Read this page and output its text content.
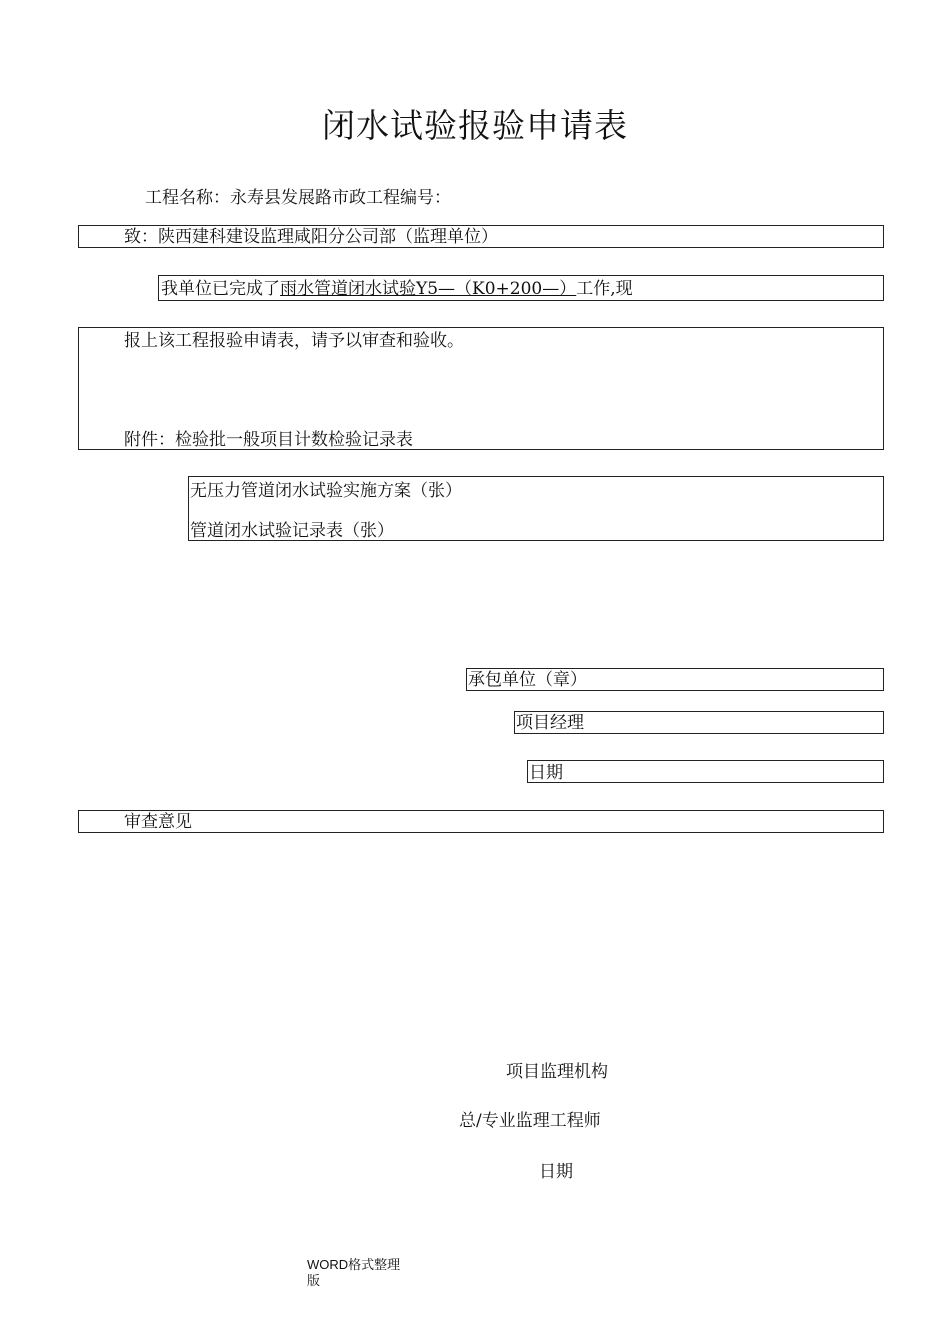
闭水试验报验申请表
工程名称：永寿县发展路市政工程编号：
致：陕西建科建设监理咸阳分公司部（监理单位）
我单位已完成了雨水管道闭水试验Y5—（K0+200—）工作,现
报上该工程报验申请表，请予以审查和验收。
附件：检验批一般项目计数检验记录表
无压力管道闭水试验实施方案（张）
管道闭水试验记录表（张）
承包单位（章）
项目经理
日期
审查意见
项目监理机构
总/专业监理工程师
日期
WORD格式整理
版
